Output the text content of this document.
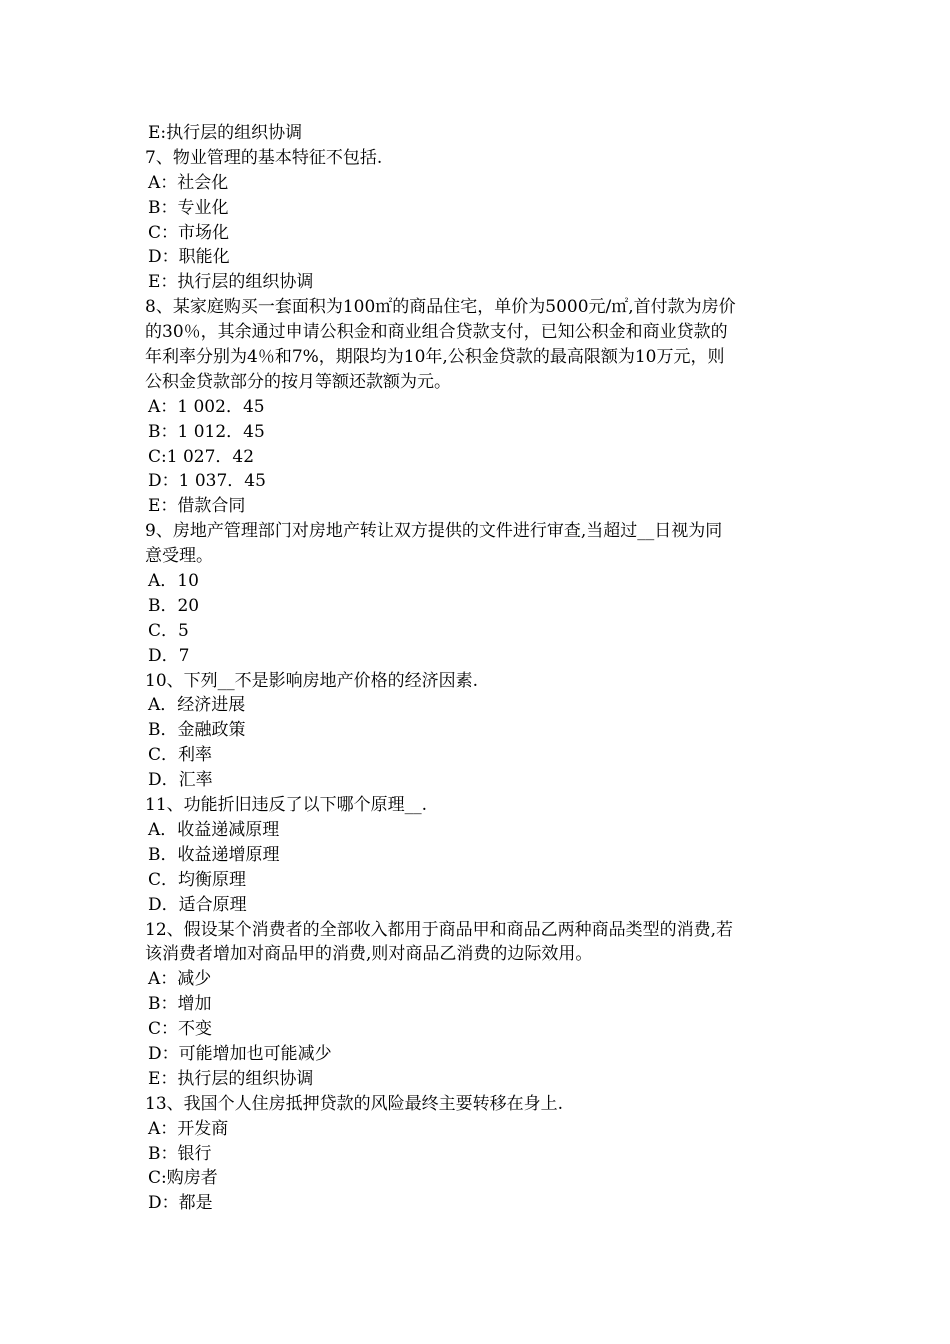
E:执行层的组织协调
7、物业管理的基本特征不包括.
A：社会化
B：专业化
C：市场化
D：职能化
E：执行层的组织协调
8、某家庭购买一套面积为100㎡的商品住宅，单价为5000元/㎡,首付款为房价
的30％，其余通过申请公积金和商业组合贷款支付，已知公积金和商业贷款的
年利率分别为4％和7%，期限均为10年,公积金贷款的最高限额为10万元，则
公积金贷款部分的按月等额还款额为元。
A：1 002．45
B：1 012．45
C:1 027．42
D：1 037．45
E：借款合同
9、房地产管理部门对房地产转让双方提供的文件进行审查,当超过__日视为同
意受理。
A．10
B．20
C．5
D．7
10、下列__不是影响房地产价格的经济因素.
A．经济进展
B．金融政策
C．利率
D．汇率
11、功能折旧违反了以下哪个原理__.
A．收益递减原理
B．收益递增原理
C．均衡原理
D．适合原理
12、假设某个消费者的全部收入都用于商品甲和商品乙两种商品类型的消费,若
该消费者增加对商品甲的消费,则对商品乙消费的边际效用。
A：减少
B：增加
C：不变
D：可能增加也可能减少
E：执行层的组织协调
13、我国个人住房抵押贷款的风险最终主要转移在身上.
A：开发商
B：银行
C:购房者
D：都是
